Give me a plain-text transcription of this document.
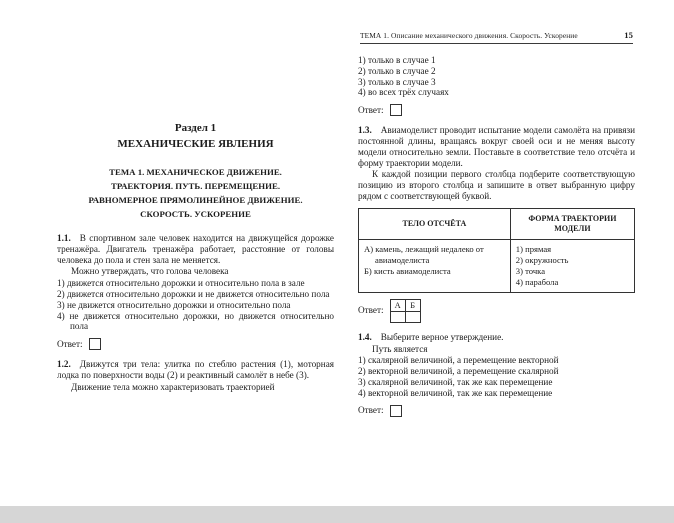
ТЕМА 1. Описание механического движения. Скорость. Ускорение	15
Раздел 1
МЕХАНИЧЕСКИЕ ЯВЛЕНИЯ
ТЕМА 1. МЕХАНИЧЕСКОЕ ДВИЖЕНИЕ.
ТРАЕКТОРИЯ. ПУТЬ. ПЕРЕМЕЩЕНИЕ.
РАВНОМЕРНОЕ ПРЯМОЛИНЕЙНОЕ ДВИЖЕНИЕ.
СКОРОСТЬ. УСКОРЕНИЕ

1.1. В спортивном зале человек находится на движущейся дорожке тренажёра. Двигатель тренажёра работает, расстояние от головы человека до пола и стен зала не меняется.

Можно утверждать, что голова человека

1) движется относительно дорожки и относительно пола в зале
2) движется относительно дорожки и не движется относительно пола
3) не движется относительно дорожки и относительно пола
4) не движется относительно дорожки, но движется относительно пола
Ответ:

1.2. Движутся три тела: улитка по стеблю растения (1), моторная лодка по поверхности воды (2) и реактивный самолёт в небе (3).

Движение тела можно характеризовать траекторией

1) только в случае 1
2) только в случае 2
3) только в случае 3
4) во всех трёх случаях
Ответ:

1.3. Авиамоделист проводит испытание модели самолёта на привязи постоянной длины, вращаясь вокруг своей оси и не меняя высоту модели относительно земли. Поставьте в соответствие тело отсчёта и форму траектории модели.

К каждой позиции первого столбца подберите соответствующую позицию из второго столбца и запишите в ответ выбранную цифру рядом с соответствующей буквой.

ТЕЛО ОТСЧЁТА	ФОРМА ТРАЕКТОРИИ МОДЕЛИ

А) камень, лежащий недалеко от авиамоделиста
Б) кисть авиамоделиста

1) прямая
2) окружность
3) точка
4) парабола
Ответ:
А	Б

1.4. Выберите верное утверждение.

Путь является

1) скалярной величиной, а перемещение векторной
2) векторной величиной, а перемещение скалярной
3) скалярной величиной, так же как перемещение
4) векторной величиной, так же как перемещение
Ответ:
